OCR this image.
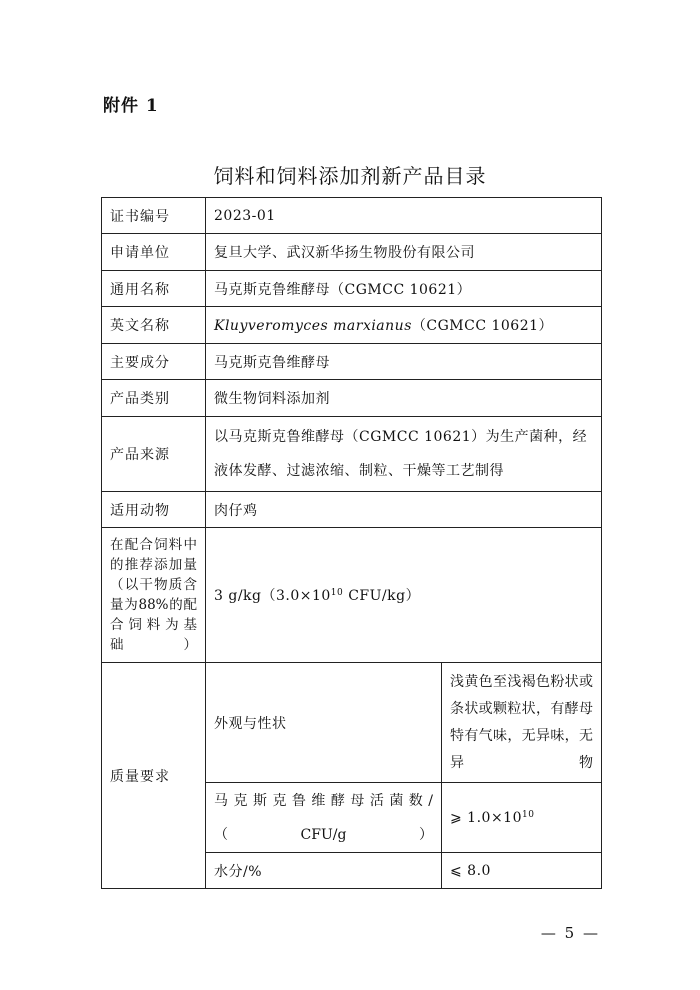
附件 1
饲料和饲料添加剂新产品目录
证书编号	2023-01	
申请单位	复旦大学、武汉新华扬生物股份有限公司	
通用名称	马克斯克鲁维酵母（CGMCC 10621）	
英文名称	Kluyveromyces marxianus（CGMCC 10621）	
主要成分	马克斯克鲁维酵母	
产品类别	微生物饲料添加剂	
产品来源	以马克斯克鲁维酵母（CGMCC 10621）为生产菌种，经液体发酵、过滤浓缩、制粒、干燥等工艺制得	
适用动物	肉仔鸡	
在配合饲料中的推荐添加量（以干物质含量为88%的配合饲料为基础）	3 $g/kg(3.0\times 10^{10}$ CFU/kg）	
质量要求	外观与性状	浅黄色至浅褐色粉状或条状或颗粒状，有酵母特有气味，无异味，无异物
	马克斯克鲁维酵母活菌数/（CFU/g）	⩾ $1.0\times 10^{10}$
	水分/%	⩽ 8.0
— 5 —
